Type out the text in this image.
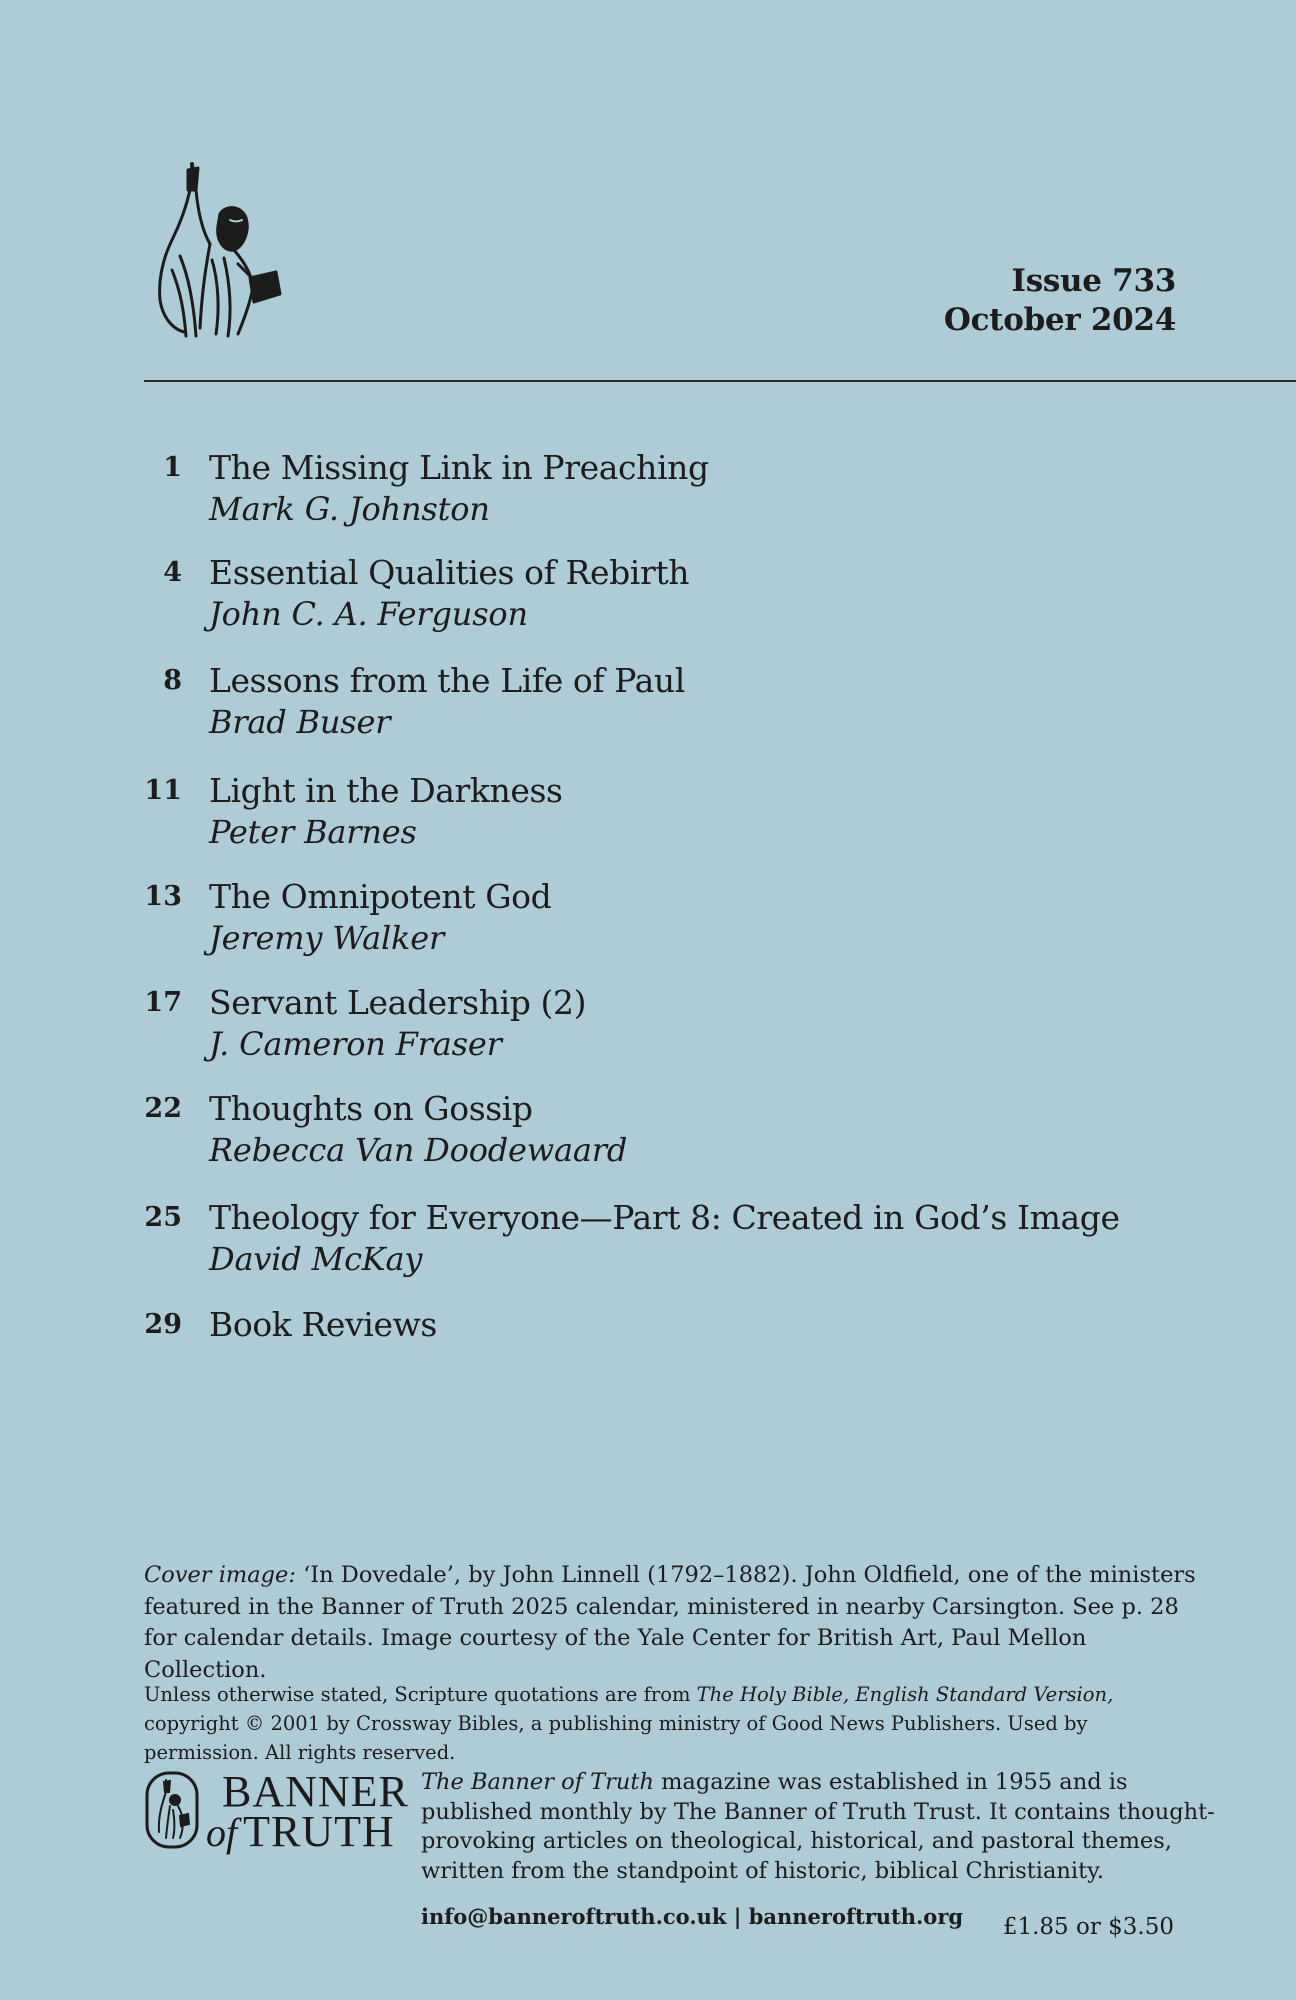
Issue 733
October 2024
1 The Missing Link in Preaching
Mark G. Johnston
4 Essential Qualities of Rebirth
John C. A. Ferguson
8 Lessons from the Life of Paul
Brad Buser
11 Light in the Darkness
Peter Barnes
13 The Omnipotent God
Jeremy Walker
17 Servant Leadership (2)
J. Cameron Fraser
22 Thoughts on Gossip
Rebecca Van Doodewaard
25 Theology for Everyone—Part 8: Created in God’s Image
David McKay
29 Book Reviews
Cover image: ‘In Dovedale’, by John Linnell (1792–1882). John Oldfield, one of the ministers featured in the Banner of Truth 2025 calendar, ministered in nearby Carsington. See p. 28 for calendar details. Image courtesy of the Yale Center for British Art, Paul Mellon Collection.
Unless otherwise stated, Scripture quotations are from The Holy Bible, English Standard Version, copyright © 2001 by Crossway Bibles, a publishing ministry of Good News Publishers. Used by permission. All rights reserved.
BANNER
of TRUTH
The Banner of Truth magazine was established in 1955 and is published monthly by The Banner of Truth Trust. It contains thought-provoking articles on theological, historical, and pastoral themes, written from the standpoint of historic, biblical Christianity.
info@banneroftruth.co.uk | banneroftruth.org £1.85 or $3.50
